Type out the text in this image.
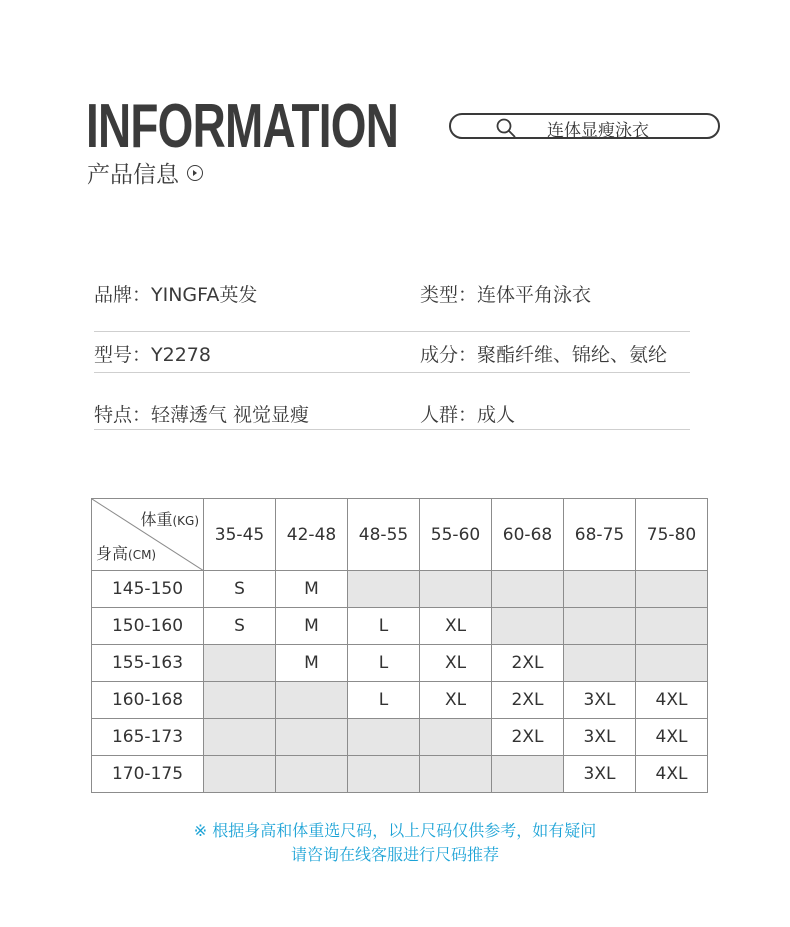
INFORMATION
产品信息
连体显瘦泳衣
品牌：YINGFA英发	类型：连体平角泳衣
型号：Y2278	成分：聚酯纤维、锦纶、氨纶
特点：轻薄透气 视觉显瘦	人群：成人
体重(KG)
身高(CM)	35-45	42-48	48-55	55-60	60-68	68-75	75-80
145-150	S	M					
150-160	S	M	L	XL			
155-163		M	L	XL	2XL		
160-168			L	XL	2XL	3XL	4XL
165-173					2XL	3XL	4XL
170-175						3XL	4XL
※ 根据身高和体重选尺码，以上尺码仅供参考，如有疑问
请咨询在线客服进行尺码推荐
